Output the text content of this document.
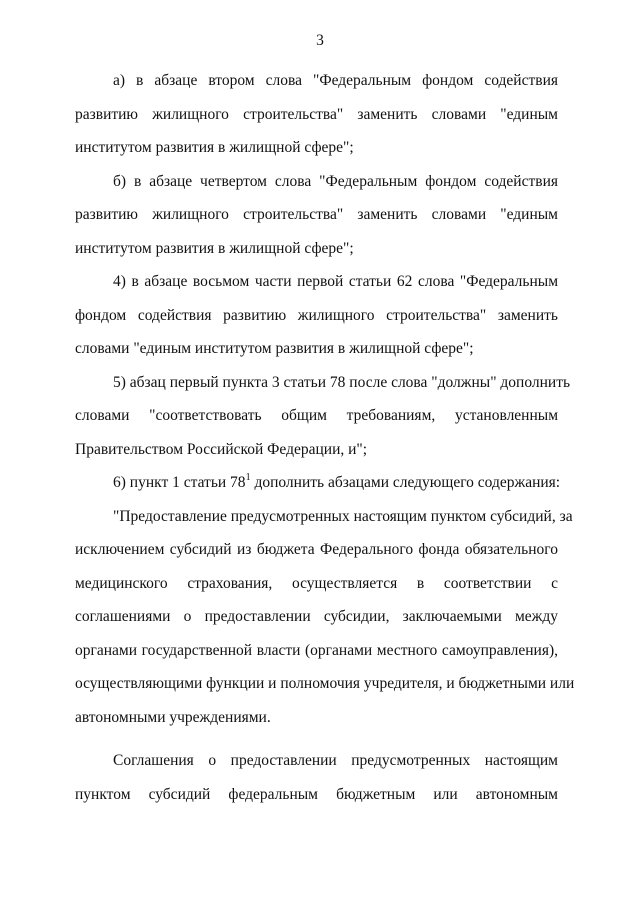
3
а) в абзаце втором слова "Федеральным фондом содействия
развитию жилищного строительства" заменить словами "единым
институтом развития в жилищной сфере";
б) в абзаце четвертом слова "Федеральным фондом содействия
развитию жилищного строительства" заменить словами "единым
институтом развития в жилищной сфере";
4) в абзаце восьмом части первой статьи 62 слова "Федеральным
фондом содействия развитию жилищного строительства" заменить
словами "единым институтом развития в жилищной сфере";
5) абзац первый пункта 3 статьи 78 после слова "должны" дополнить
словами "соответствовать общим требованиям, установленным
Правительством Российской Федерации, и";
6) пункт 1 статьи $78^1$ дополнить абзацами следующего содержания:
"Предоставление предусмотренных настоящим пунктом субсидий, за
исключением субсидий из бюджета Федерального фонда обязательного
медицинского страхования, осуществляется в соответствии с
соглашениями о предоставлении субсидии, заключаемыми между
органами государственной власти (органами местного самоуправления),
осуществляющими функции и полномочия учредителя, и бюджетными или
автономными учреждениями.
Соглашения о предоставлении предусмотренных настоящим
пунктом субсидий федеральным бюджетным или автономным
